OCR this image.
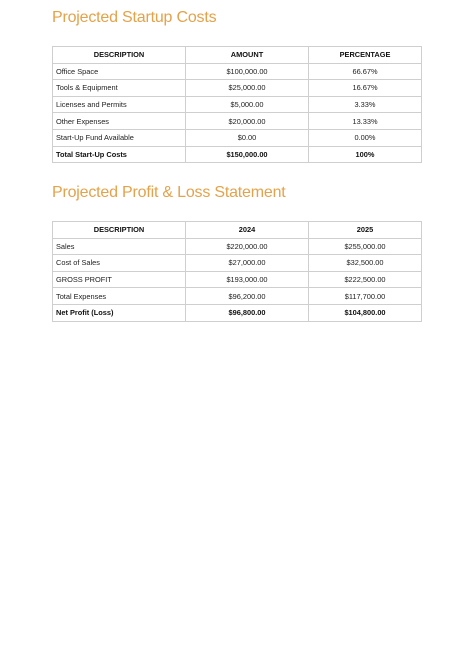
Projected Startup Costs
DESCRIPTION	AMOUNT	PERCENTAGE
Office Space	$100,000.00	66.67%
Tools & Equipment	$25,000.00	16.67%
Licenses and Permits	$5,000.00	3.33%
Other Expenses	$20,000.00	13.33%
Start-Up Fund Available	$0.00	0.00%
Total Start-Up Costs	$150,000.00	100%
Projected Profit & Loss Statement
DESCRIPTION	2024	2025
Sales	$220,000.00	$255,000.00
Cost of Sales	$27,000.00	$32,500.00
GROSS PROFIT	$193,000.00	$222,500.00
Total Expenses	$96,200.00	$117,700.00
Net Profit (Loss)	$96,800.00	$104,800.00
